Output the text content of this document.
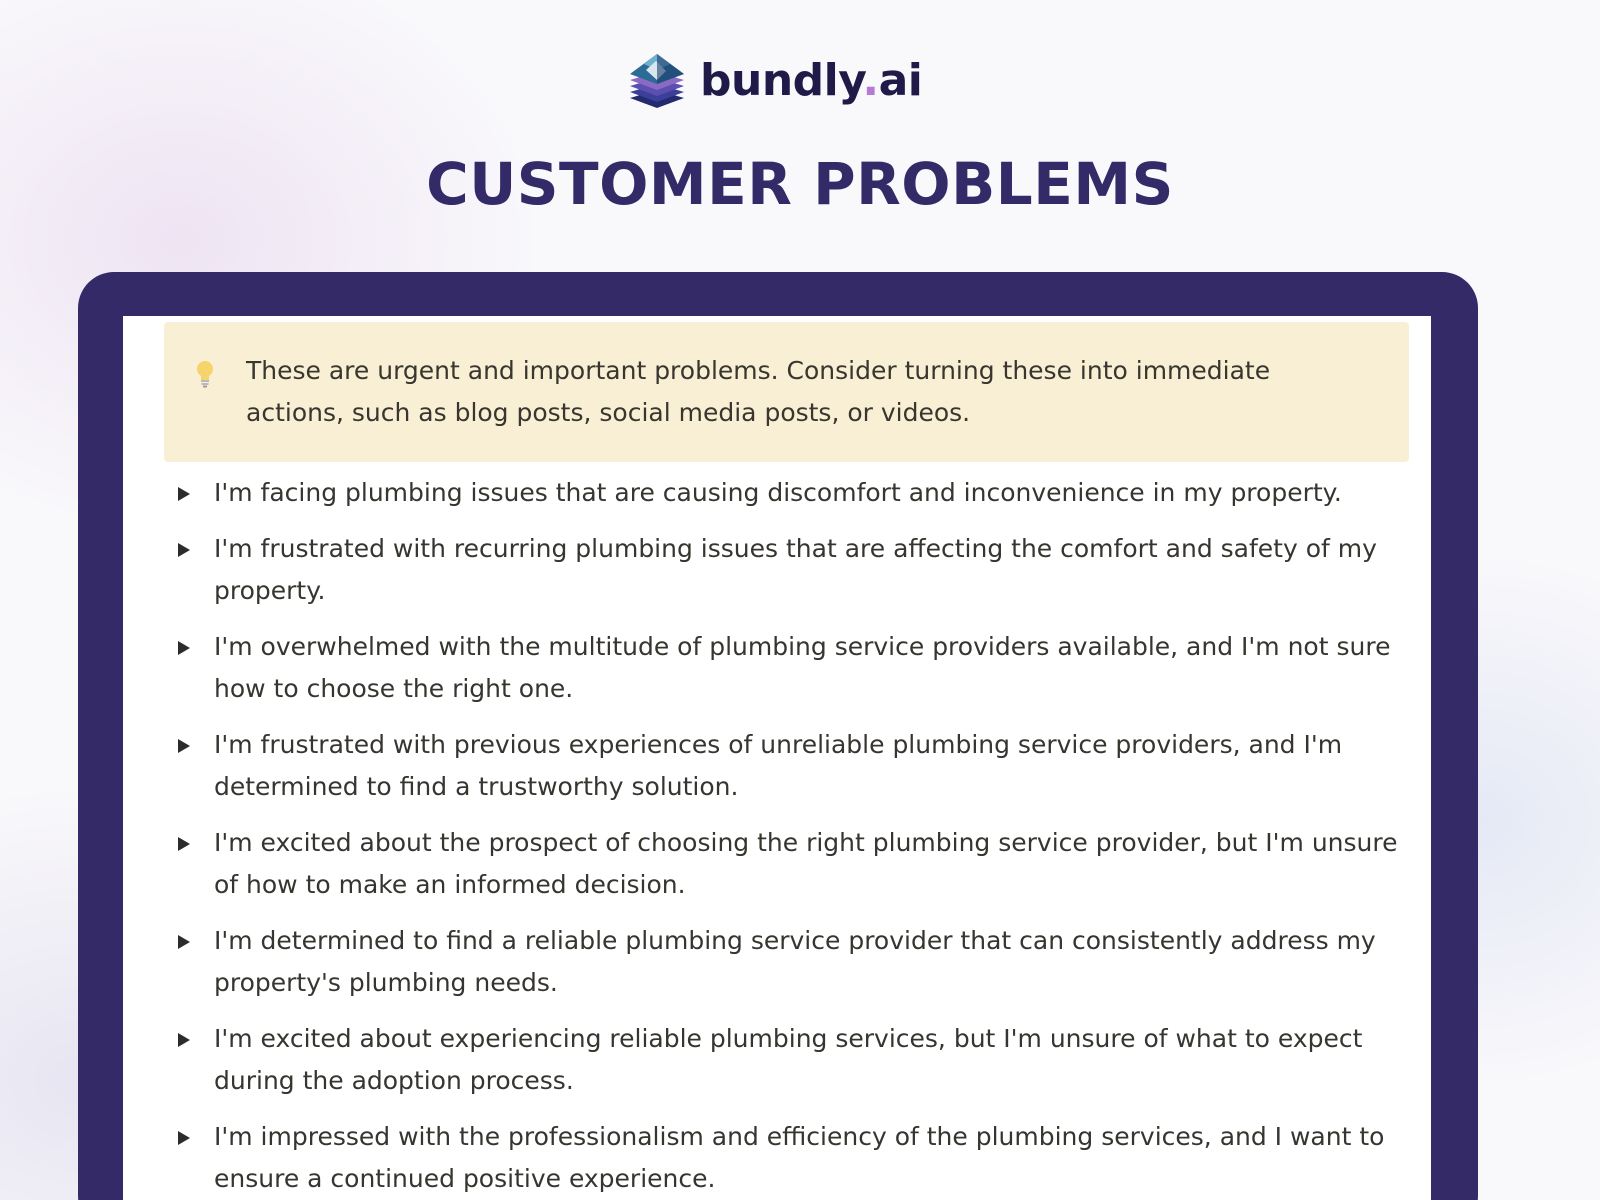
bundly.ai
CUSTOMER PROBLEMS

These are urgent and important problems. Consider turning these into immediate actions, such as blog posts, social media posts, or videos.

I'm facing plumbing issues that are causing discomfort and inconvenience in my property.
I'm frustrated with recurring plumbing issues that are affecting the comfort and safety of my property.
I'm overwhelmed with the multitude of plumbing service providers available, and I'm not sure how to choose the right one.
I'm frustrated with previous experiences of unreliable plumbing service providers, and I'm determined to find a trustworthy solution.
I'm excited about the prospect of choosing the right plumbing service provider, but I'm unsure of how to make an informed decision.
I'm determined to find a reliable plumbing service provider that can consistently address my property's plumbing needs.
I'm excited about experiencing reliable plumbing services, but I'm unsure of what to expect during the adoption process.
I'm impressed with the professionalism and efficiency of the plumbing services, and I want to ensure a continued positive experience.
